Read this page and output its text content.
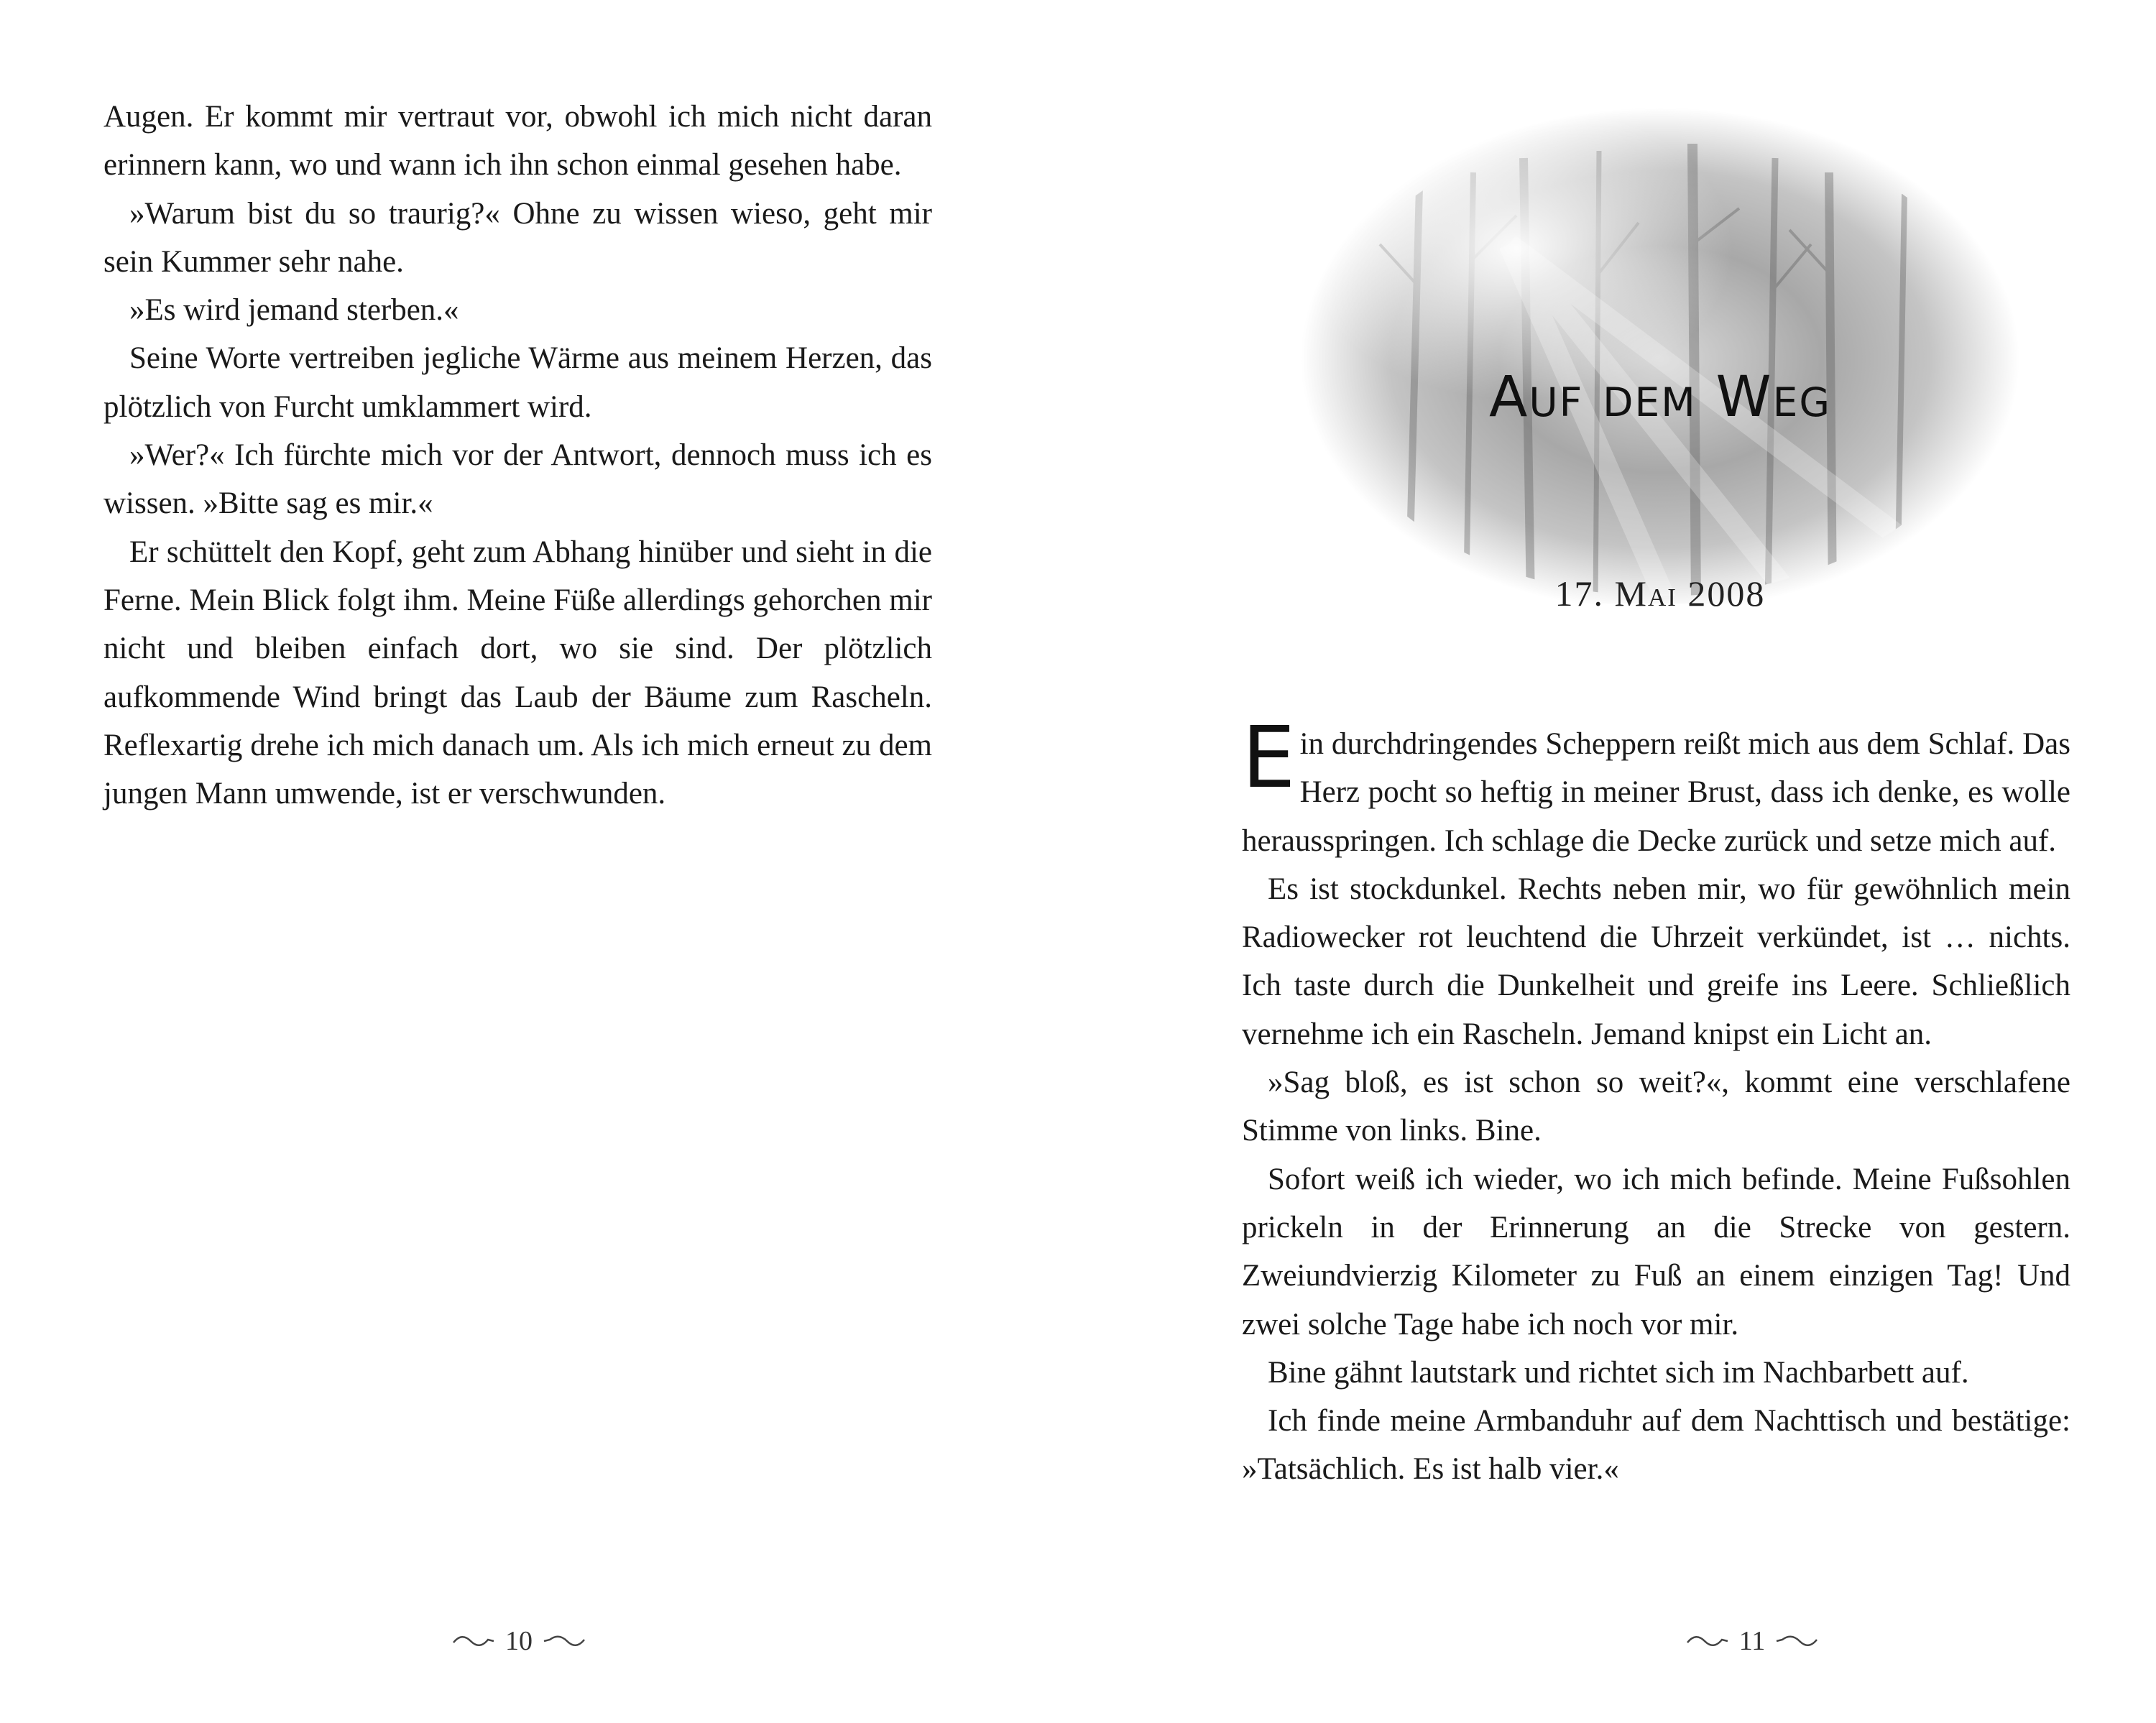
Augen. Er kommt mir vertraut vor, obwohl ich mich nicht daran erinnern kann, wo und wann ich ihn schon einmal gesehen habe.

»Warum bist du so traurig?« Ohne zu wissen wieso, geht mir sein Kummer sehr nahe.

»Es wird jemand sterben.«

Seine Worte vertreiben jegliche Wärme aus meinem Herzen, das plötzlich von Furcht umklammert wird.

»Wer?« Ich fürchte mich vor der Antwort, dennoch muss ich es wissen. »Bitte sag es mir.«

Er schüttelt den Kopf, geht zum Abhang hinüber und sieht in die Ferne. Mein Blick folgt ihm. Meine Füße allerdings gehorchen mir nicht und bleiben einfach dort, wo sie sind. Der plötzlich aufkommende Wind bringt das Laub der Bäume zum Rascheln. Reflexartig drehe ich mich danach um. Als ich mich erneut zu dem jungen Mann umwende, ist er verschwunden.

10
Auf dem Weg
17. Mai 2008

Ein durchdringendes Scheppern reißt mich aus dem Schlaf. Das Herz pocht so heftig in meiner Brust, dass ich denke, es wolle herausspringen. Ich schlage die Decke zurück und setze mich auf.

Es ist stockdunkel. Rechts neben mir, wo für gewöhnlich mein Radiowecker rot leuchtend die Uhrzeit verkündet, ist … nichts. Ich taste durch die Dunkelheit und greife ins Leere. Schließlich vernehme ich ein Rascheln. Jemand knipst ein Licht an.

»Sag bloß, es ist schon so weit?«, kommt eine verschlafene Stimme von links. Bine.

Sofort weiß ich wieder, wo ich mich befinde. Meine Fußsohlen prickeln in der Erinnerung an die Strecke von gestern. Zweiundvierzig Kilometer zu Fuß an einem einzigen Tag! Und zwei solche Tage habe ich noch vor mir.

Bine gähnt lautstark und richtet sich im Nachbarbett auf.

Ich finde meine Armbanduhr auf dem Nachttisch und bestätige: »Tatsächlich. Es ist halb vier.«

11
